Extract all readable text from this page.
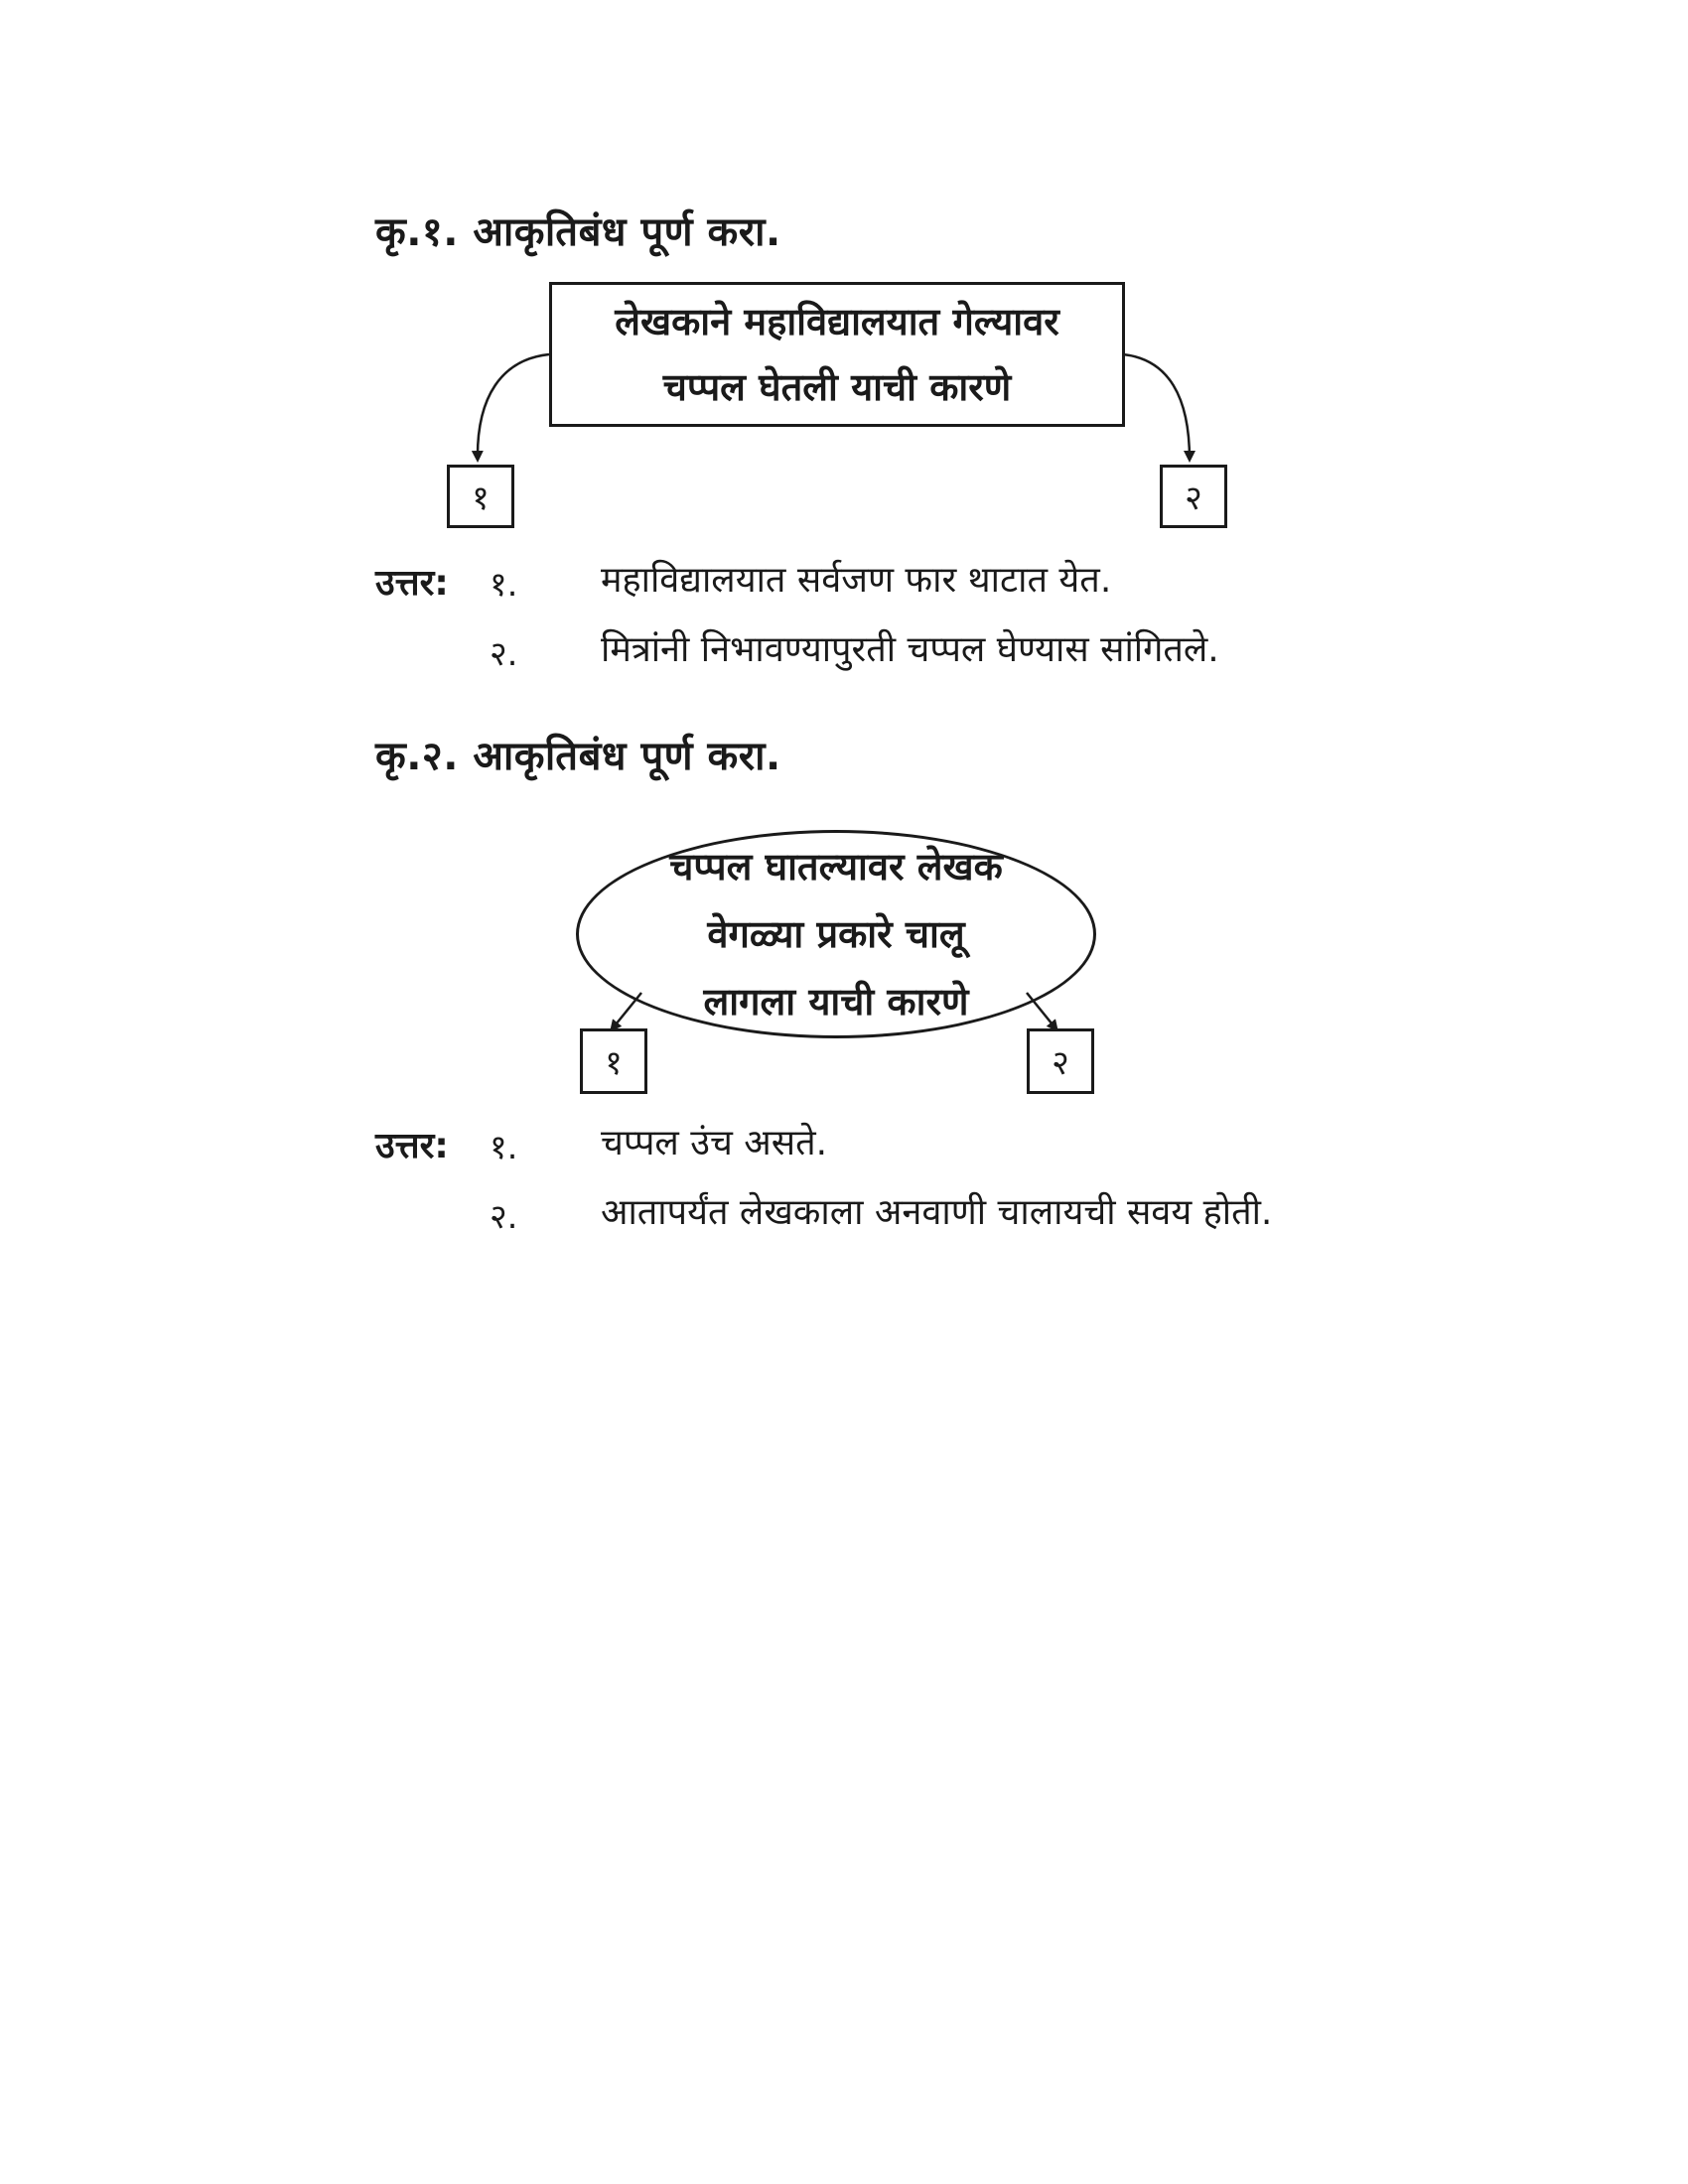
कृ.१. आकृतिबंध पूर्ण करा.
लेखकाने महाविद्यालयात गेल्यावर
चप्पल घेतली याची कारणे
१	२
उत्तर: १. महाविद्यालयात सर्वजण फार थाटात येत.
२. मित्रांनी निभावण्यापुरती चप्पल घेण्यास सांगितले.
कृ.२. आकृतिबंध पूर्ण करा.
चप्पल घातल्यावर लेखक
वेगळ्या प्रकारे चालू
लागला याची कारणे
१	२
उत्तर: १. चप्पल उंच असते.
२. आतापर्यंत लेखकाला अनवाणी चालायची सवय होती.
